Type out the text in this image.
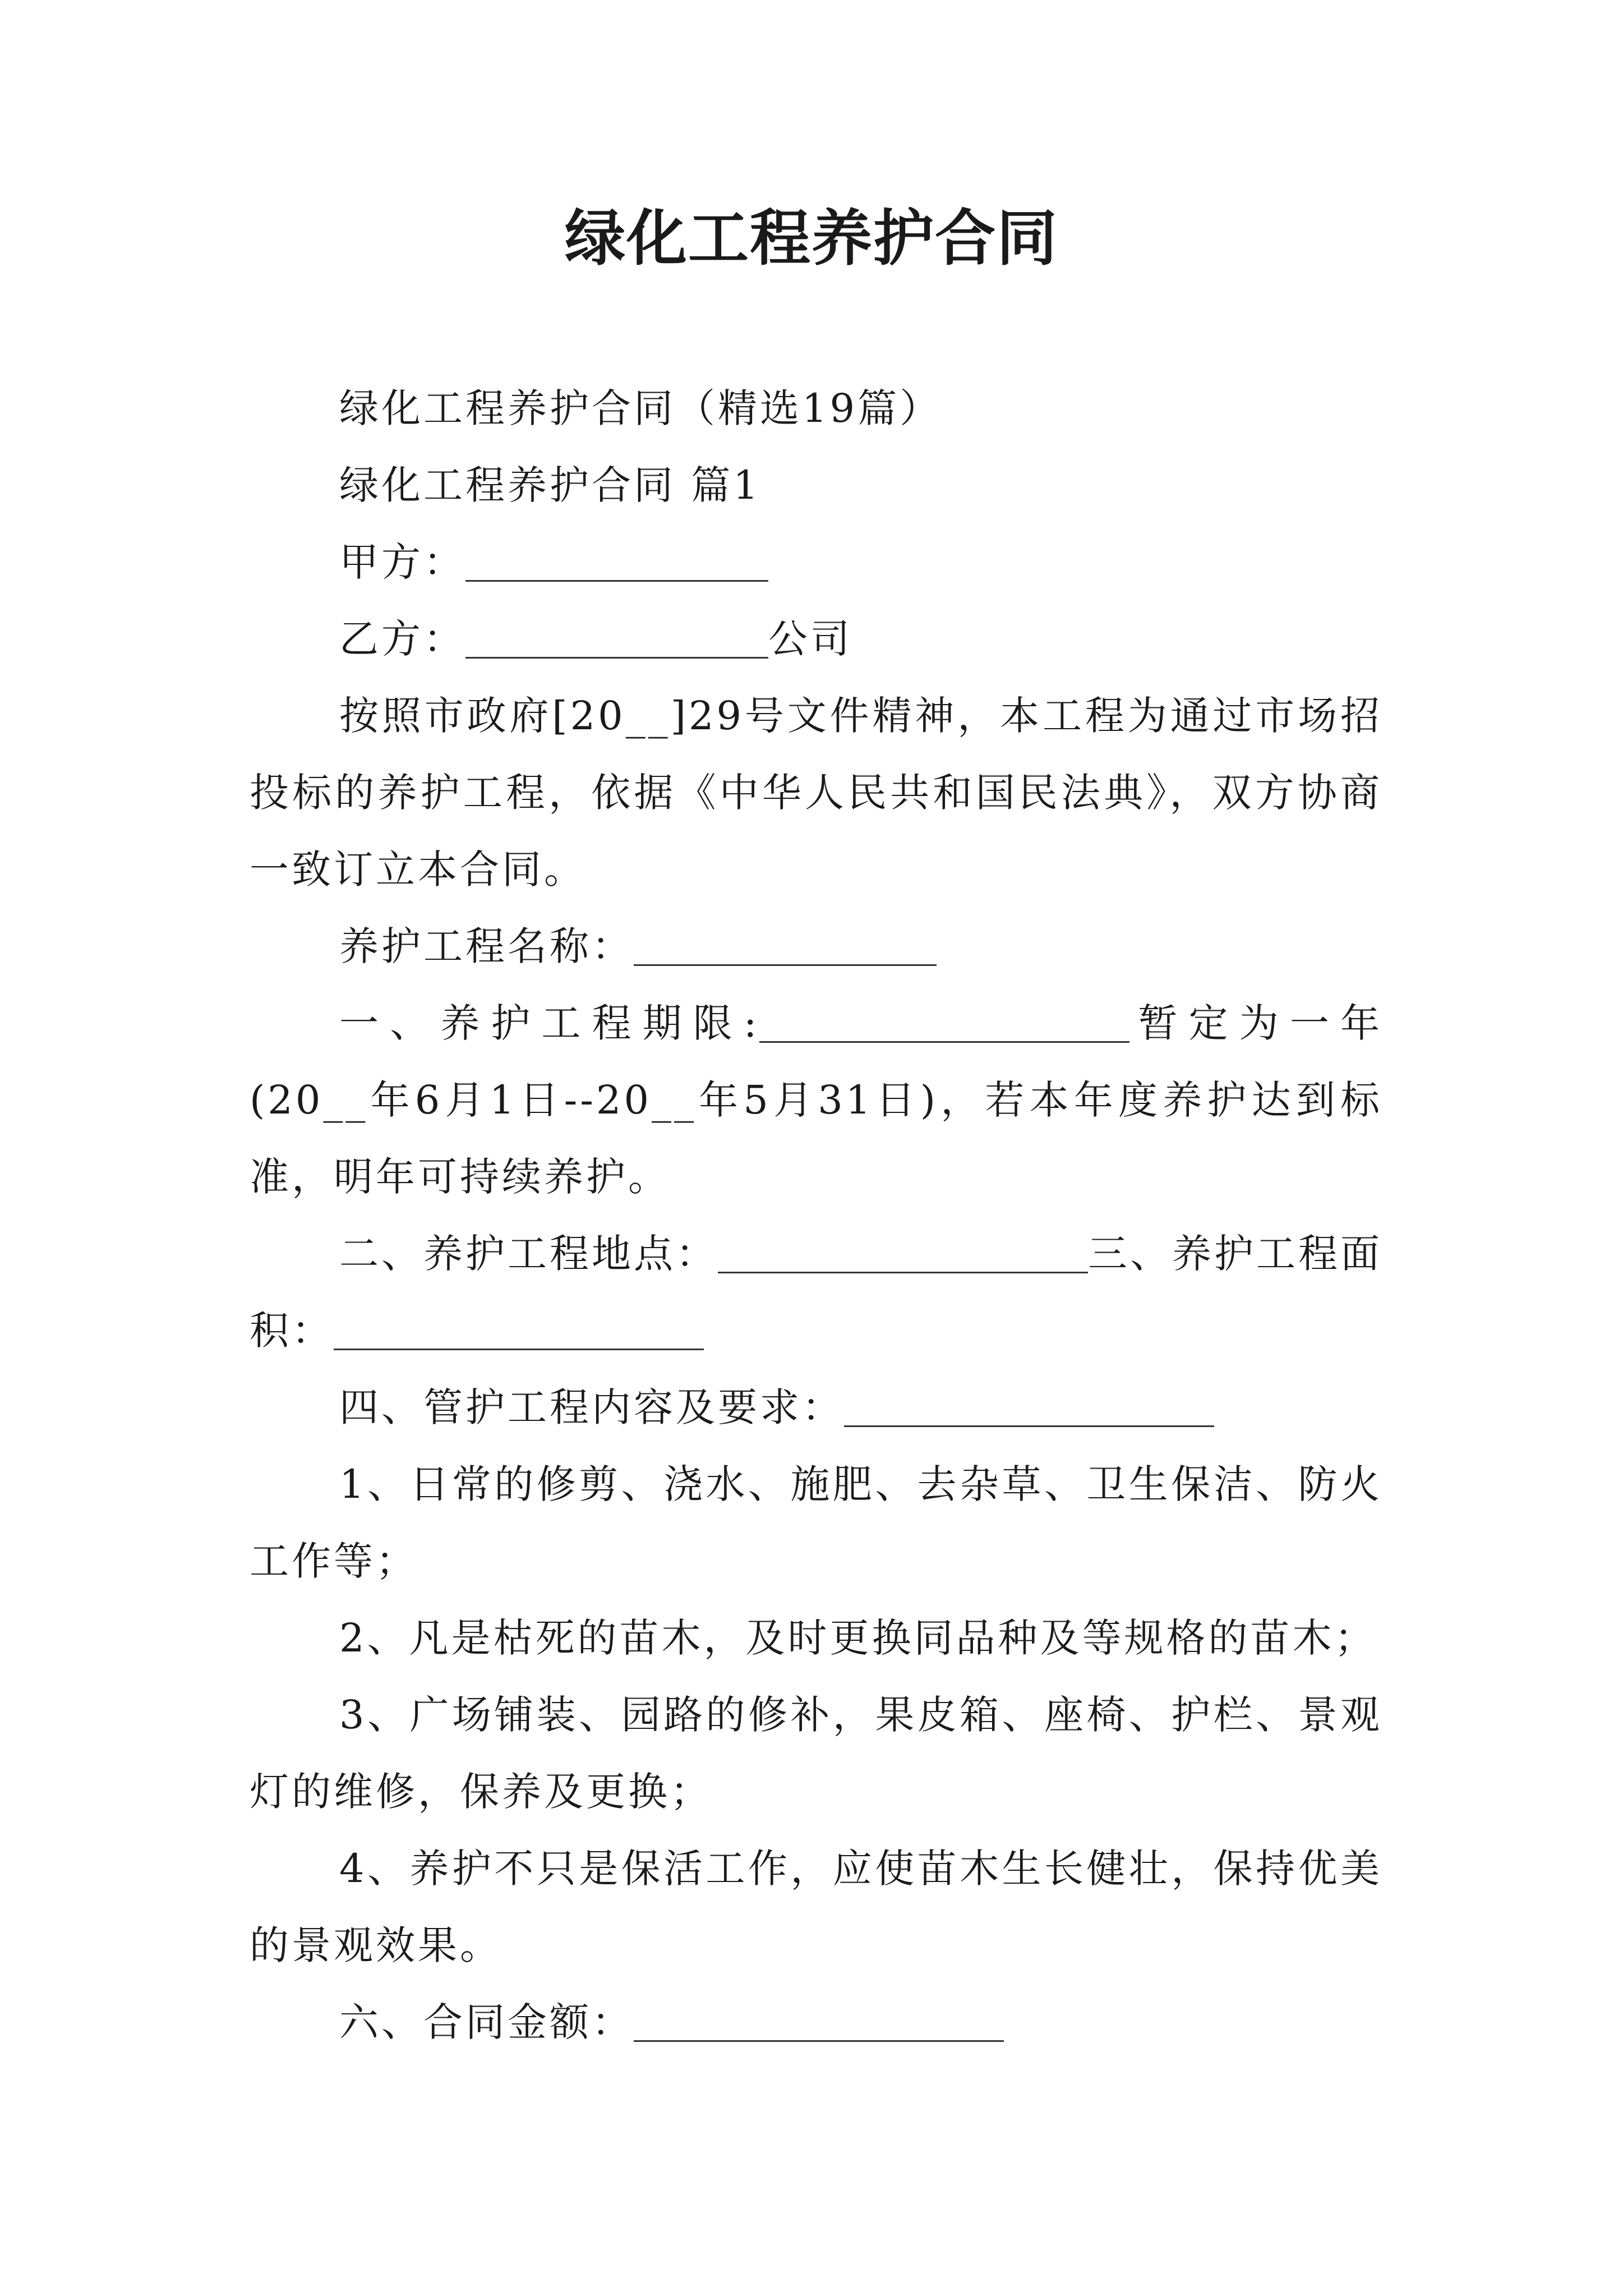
绿化工程养护合同

绿化工程养护合同（精选19篇）

绿化工程养护合同 篇1

甲方：

乙方：	公司

按照市政府[20__]29号文件精神，本工程为通过市场招投标的养护工程，依据《中华人民共和国民法典》，双方协商一致订立本合同。

养护工程名称：

一、养护工程期限:	暂定为一年(20__年6月1日--20__年5月31日)，若本年度养护达到标准，明年可持续养护。

二、养护工程地点：	三、养护工程面积：

四、管护工程内容及要求：

1、日常的修剪、浇水、施肥、去杂草、卫生保洁、防火工作等；

2、凡是枯死的苗木，及时更换同品种及等规格的苗木；

3、广场铺装、园路的修补，果皮箱、座椅、护栏、景观灯的维修，保养及更换；

4、养护不只是保活工作，应使苗木生长健壮，保持优美的景观效果。

六、合同金额：
